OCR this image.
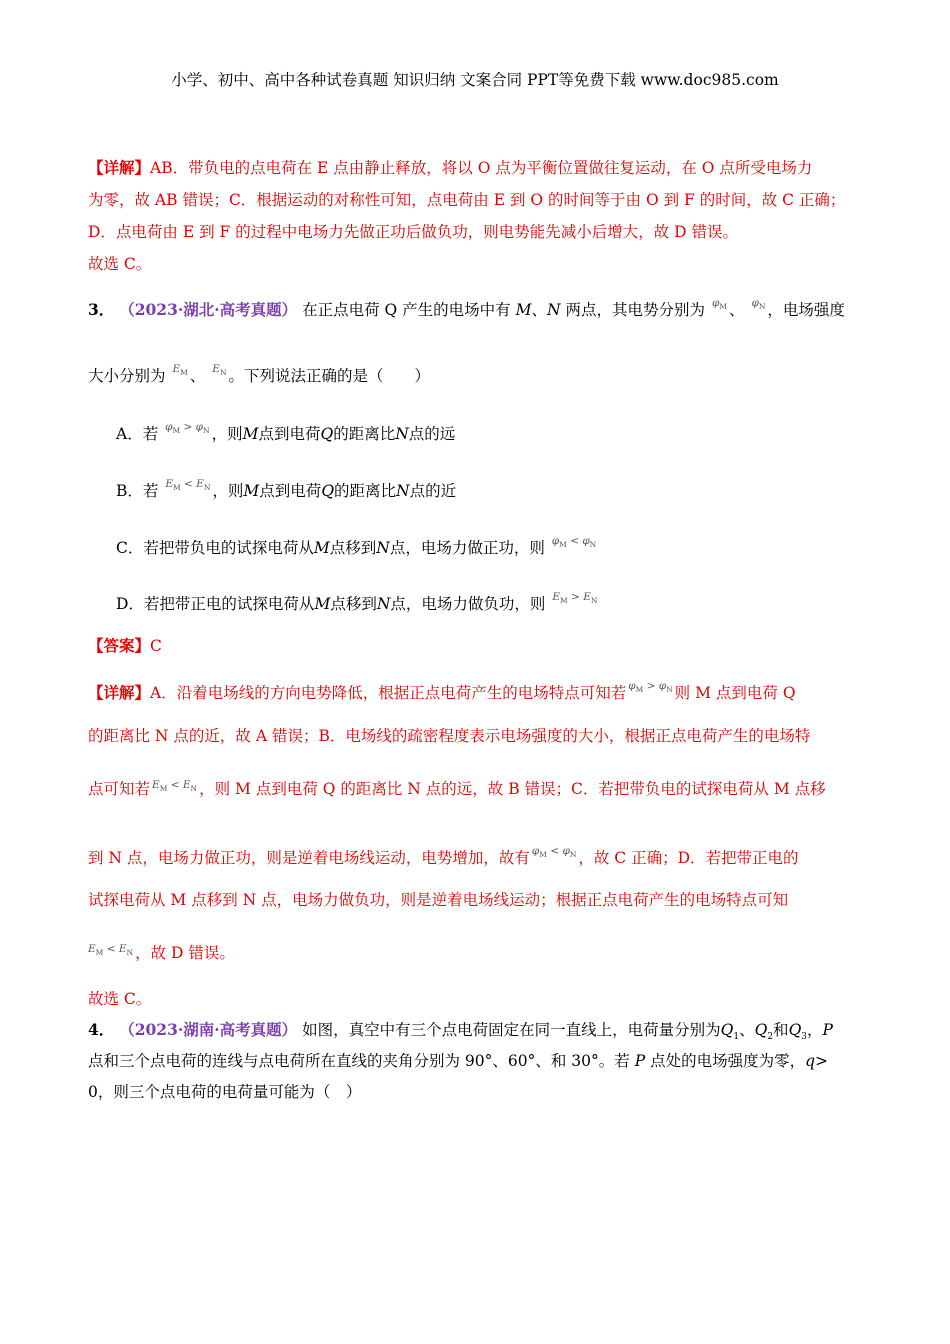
小学、初中、高中各种试卷真题 知识归纳 文案合同 PPT等免费下载 www.doc985.com
【详解】AB．带负电的点电荷在 E 点由静止释放，将以 O 点为平衡位置做往复运动，在 O 点所受电场力
为零，故 AB 错误；C．根据运动的对称性可知，点电荷由 E 到 O 的时间等于由 O 到 F 的时间，故 C 正确；
D．点电荷由 E 到 F 的过程中电场力先做正功后做负功，则电势能先减小后增大，故 D 错误。
故选 C。
3． （2023·湖北·高考真题） 在正点电荷 Q 产生的电场中有 M、N 两点，其电势分别为 $\varphi_M$ 、 $\varphi_N$ ，电场强度
大小分别为 $E_M$ 、 $E_N$ 。下列说法正确的是（　　）
A．若 $\varphi_M > \varphi_N$ ，则M点到电荷Q的距离比N点的远
B．若 $E_M < E_N$ ，则M点到电荷Q的距离比N点的近
C．若把带负电的试探电荷从M点移到N点，电场力做正功，则 $\varphi_M < \varphi_N$
D．若把带正电的试探电荷从M点移到N点，电场力做负功，则 $E_M > E_N$
【答案】C
【详解】A．沿着电场线的方向电势降低，根据正点电荷产生的电场特点可知若 $\varphi_M > \varphi_N$ 则 M 点到电荷 Q
的距离比 N 点的近，故 A 错误；B．电场线的疏密程度表示电场强度的大小，根据正点电荷产生的电场特
点可知若 $E_M < E_N$ ，则 M 点到电荷 Q 的距离比 N 点的远，故 B 错误；C．若把带负电的试探电荷从 M 点移
到 N 点，电场力做正功，则是逆着电场线运动，电势增加，故有 $\varphi_M < \varphi_N$ ，故 C 正确；D．若把带正电的
试探电荷从 M 点移到 N 点，电场力做负功，则是逆着电场线运动；根据正点电荷产生的电场特点可知
$E_M < E_N$ ，故 D 错误。
故选 C。
4． （2023·湖南·高考真题） 如图，真空中有三个点电荷固定在同一直线上，电荷量分别为$Q_1$、$Q_2$和$Q_3$，P
点和三个点电荷的连线与点电荷所在直线的夹角分别为 90°、60°、和 30°。若 P 点处的电场强度为零，q>
0，则三个点电荷的电荷量可能为（　）
